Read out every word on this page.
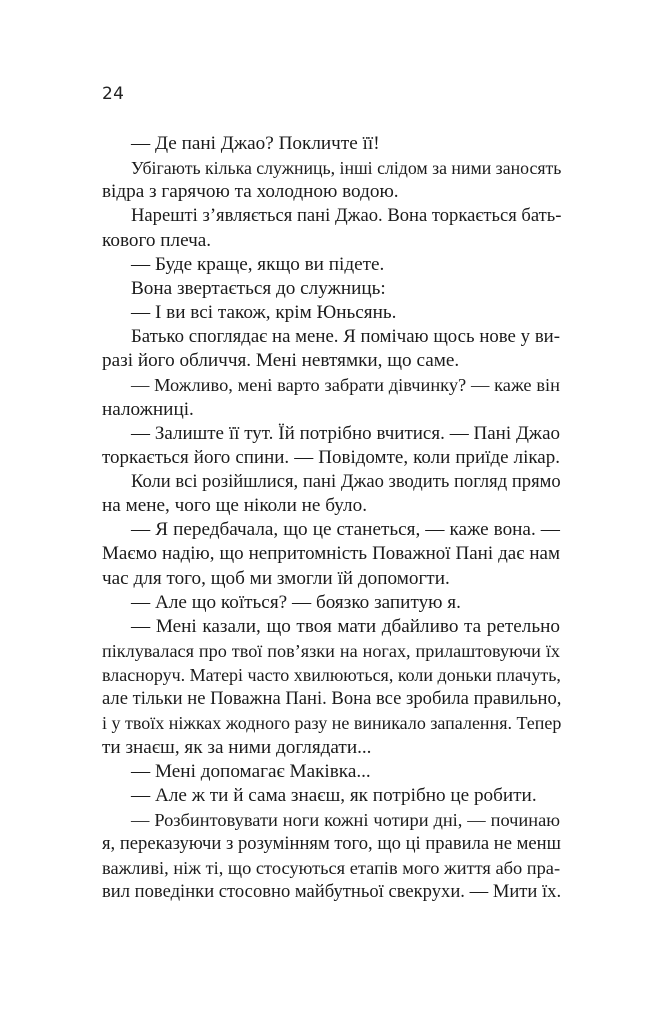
24
— Де пані Джао? Покличте її!
Убігають кілька служниць, інші слідом за ними заносять
відра з гарячою та холодною водою.
Нарешті з’являється пані Джао. Вона торкається бать-
кового плеча.
— Буде краще, якщо ви підете.
Вона звертається до служниць:
— І ви всі також, крім Юньсянь.
Батько споглядає на мене. Я помічаю щось нове у ви-
разі його обличчя. Мені невтямки, що саме.
— Можливо, мені варто забрати дівчинку? — каже він
наложниці.
— Залиште її тут. Їй потрібно вчитися. — Пані Джао
торкається його спини. — Повідомте, коли приїде лікар.
Коли всі розійшлися, пані Джао зводить погляд прямо
на мене, чого ще ніколи не було.
— Я передбачала, що це станеться, — каже вона. —
Маємо надію, що непритомність Поважної Пані дає нам
час для того, щоб ми змогли їй допомогти.
— Але що коїться? — боязко запитую я.
— Мені казали, що твоя мати дбайливо та ретельно
піклувалася про твої пов’язки на ногах, прилаштовуючи їх
власноруч. Матері часто хвилюються, коли доньки плачуть,
але тільки не Поважна Пані. Вона все зробила правильно,
і у твоїх ніжках жодного разу не виникало запалення. Тепер
ти знаєш, як за ними доглядати...
— Мені допомагає Маківка...
— Але ж ти й сама знаєш, як потрібно це робити.
— Розбинтовувати ноги кожні чотири дні, — починаю
я, переказуючи з розумінням того, що ці правила не менш
важливі, ніж ті, що стосуються етапів мого життя або пра-
вил поведінки стосовно майбутньої свекрухи. — Мити їх.
